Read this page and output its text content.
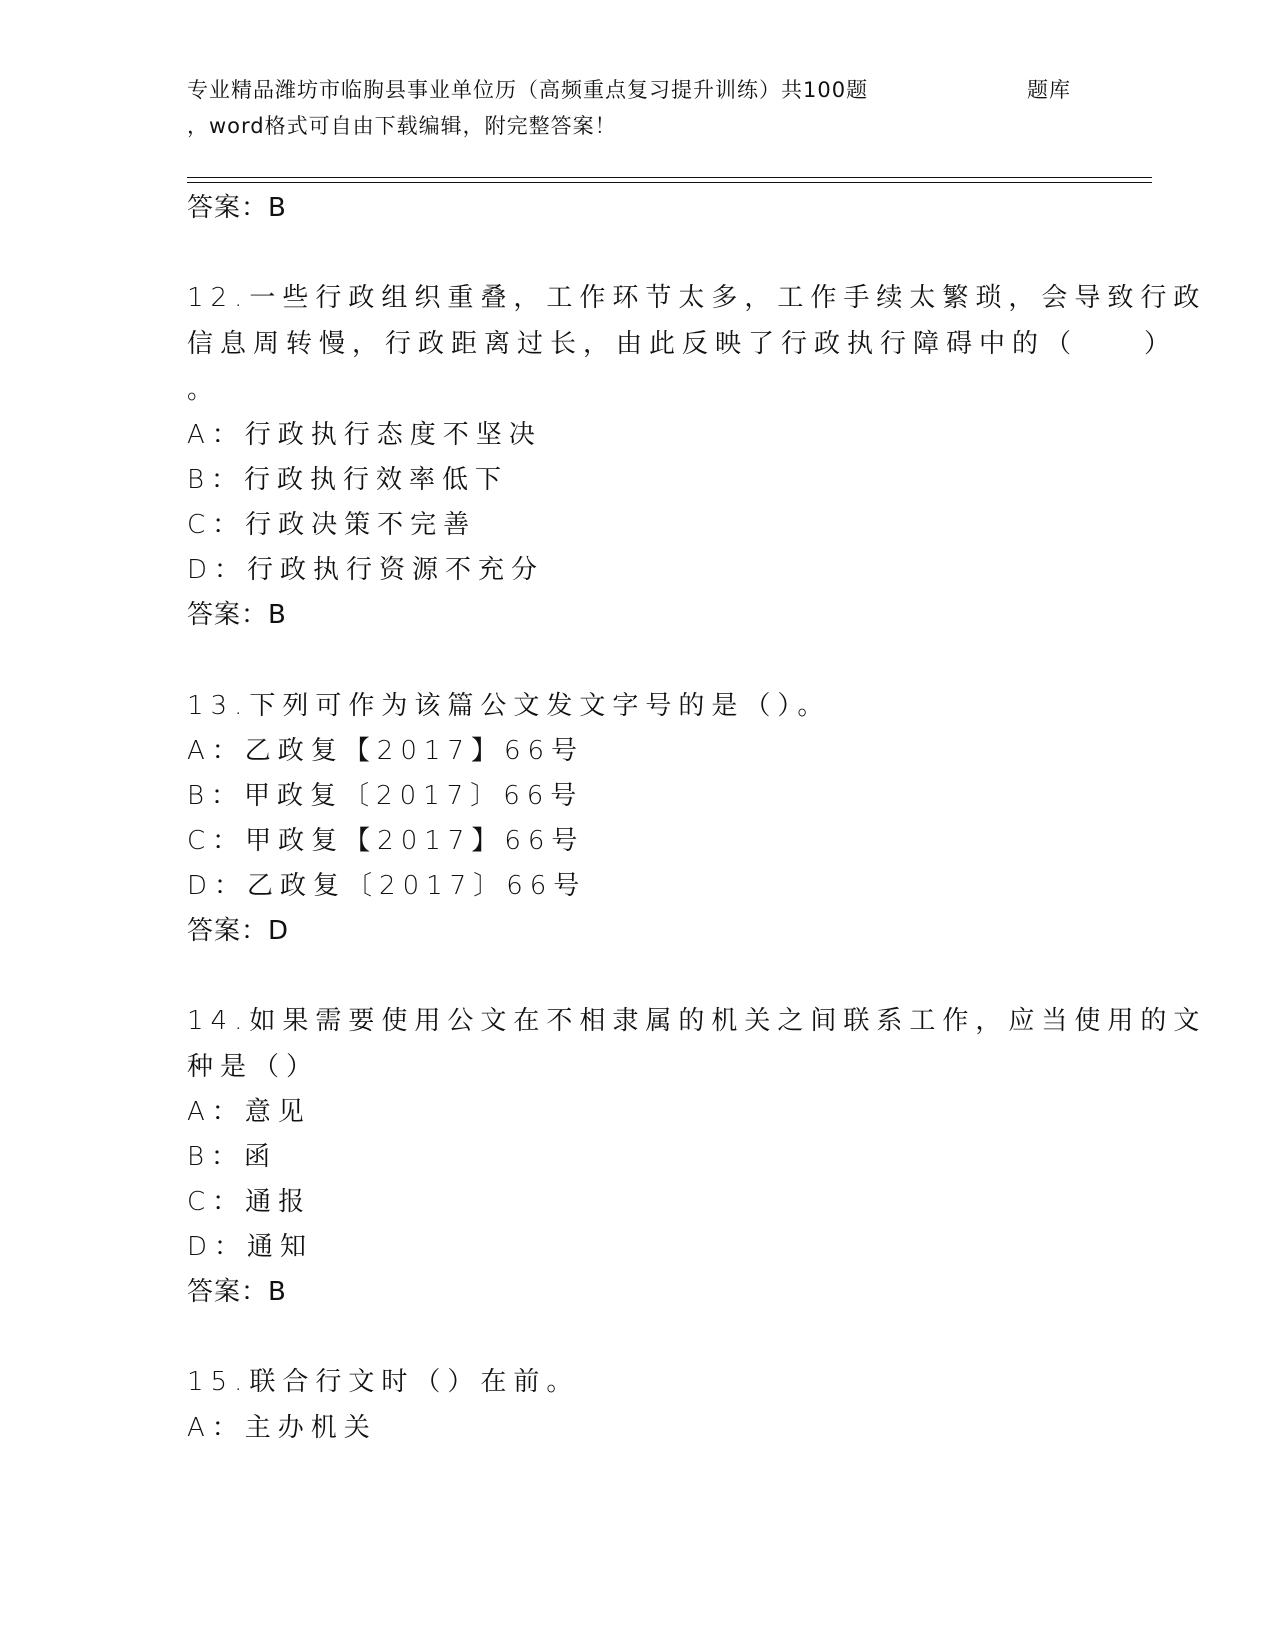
专业精品潍坊市临朐县事业单位历（高频重点复习提升训练）共100题	题库
，word格式可自由下载编辑，附完整答案！
答案：B
12.一些行政组织重叠，工作环节太多，工作手续太繁琐，会导致行政
信息周转慢，行政距离过长，由此反映了行政执行障碍中的（　　）
。
A：行政执行态度不坚决
B：行政执行效率低下
C：行政决策不完善
D：行政执行资源不充分
答案：B
13.下列可作为该篇公文发文字号的是（）。
A：乙政复【2017】66号
B：甲政复〔2017〕66号
C：甲政复【2017】66号
D：乙政复〔2017〕66号
答案：D
14.如果需要使用公文在不相隶属的机关之间联系工作，应当使用的文
种是（）
A：意见
B：函
C：通报
D：通知
答案：B
15.联合行文时（）在前。
A：主办机关
